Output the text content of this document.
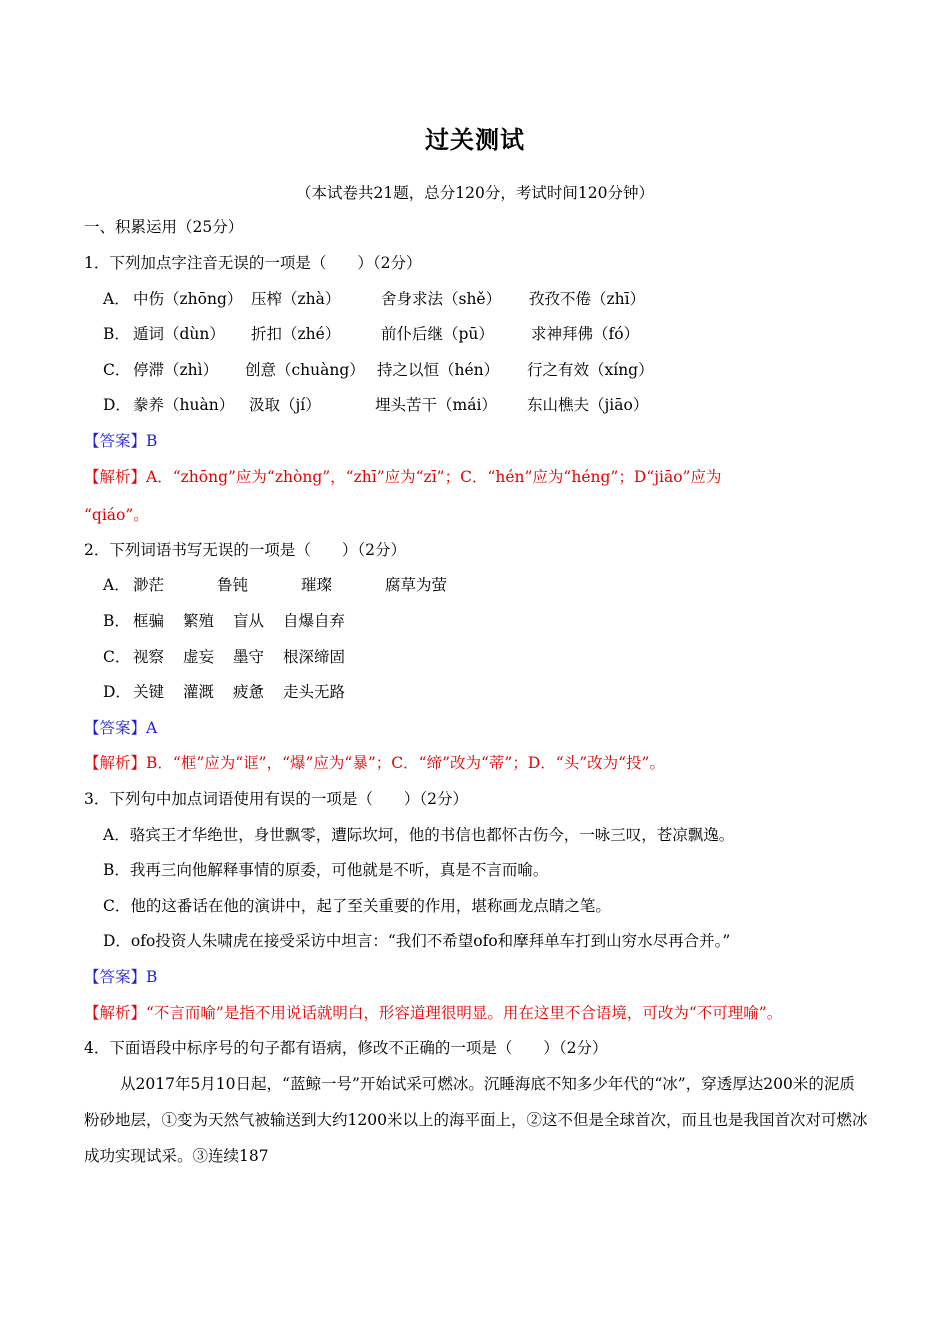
过关测试
（本试卷共21题，总分120分，考试时间120分钟）
一、积累运用（25分）
1．下列加点字注音无误的一项是（　　）（2分）
A． 中伤（zhōng） 压榨（zhà）	舍身求法（shě）	孜孜不倦（zhī）
B． 遁词（dùn）	折扣（zhé）	前仆后继（pū）	求神拜佛（fó）
C． 停滞（zhì）	创意（chuàng） 持之以恒（hén）	行之有效（xíng）
D． 豢养（huàn） 汲取（jí）	埋头苦干（mái）	东山樵夫（jiāo）
【答案】B
【解析】A．“zhōng”应为“zhòng”，“zhī”应为“zī”；C．“hén”应为“héng”；D“jiāo”应为
“qiáo”。
2．下列词语书写无误的一项是（　　）（2分）
A． 渺茫	鲁钝	璀璨	腐草为萤
B． 框骗	繁殖	盲从	自爆自弃
C． 视察	虚妄	墨守	根深缔固
D． 关键	灌溉	疲惫	走头无路
【答案】A
【解析】B．“框”应为“诓”，“爆”应为“暴”；C．“缔”改为“蒂”；D．“头”改为“投”。
3．下列句中加点词语使用有误的一项是（　　）（2分）
A．骆宾王才华绝世，身世飘零，遭际坎坷，他的书信也都怀古伤今，一咏三叹，苍凉飘逸。
B．我再三向他解释事情的原委，可他就是不听，真是不言而喻。
C．他的这番话在他的演讲中，起了至关重要的作用，堪称画龙点睛之笔。
D．ofo投资人朱啸虎在接受采访中坦言：“我们不希望ofo和摩拜单车打到山穷水尽再合并。”
【答案】B
【解析】“不言而喻”是指不用说话就明白，形容道理很明显。用在这里不合语境，可改为“不可理喻”。
4．下面语段中标序号的句子都有语病，修改不正确的一项是（　　）（2分）
从2017年5月10日起，“蓝鲸一号”开始试采可燃冰。沉睡海底不知多少年代的“冰”，穿透厚达200米的泥质粉砂地层，①变为天然气被输送到大约1200米以上的海平面上，②这不但是全球首次，而且也是我国首次对可燃冰成功实现试采。③连续187
